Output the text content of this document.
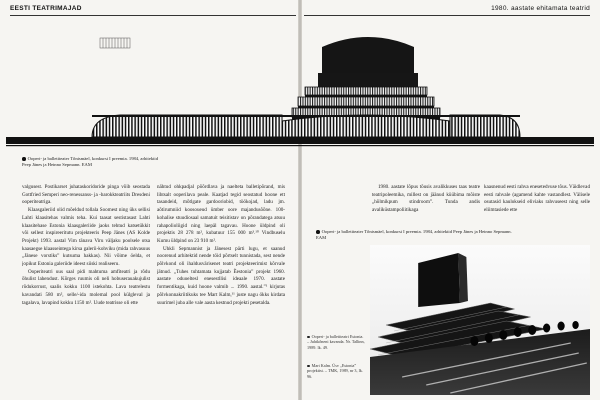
EESTI TEATRIMAJAD	1980. aastate ehitamata teatrid
Ooperi- ja balletiteater Tõnismäel, konkursi I preemia. 1984, arhitektid Peep Jänes ja Heinno Sepmann. EAM

valgusest. Postikarset juhataskoridoride pinga võib seostada Gottfried Semperi neo-renessanss- ja -barokkteatriits Dresdeni ooperiteatriga.

Klaasgaleriid olid mõeldud tollala Soomest ning üks sellisi Lahti klaasitehas valmis teha. Kui taasat sestistasast Lahti klaasitehase Estonia klaasgaleriide jaoks tehtud katsetükkit või sellest inspireeritutu projekteeris Peep Jänes (AS Kolde Projekt) 1993. aastal Virn tänava Viru väljaku poolsele otsa kaasaegse klaasseintega kirsa galerii-kohviku (mida rahvasuus „Jänese vorstiks” kutsuma hakkas). Nii võime öelda, et jopikut Estonia galeriide ideest siiski realiseeru.

Ooperiteatri uus saal pidi mahtuma amfiteatri ja rõdu õhulist lahendust. Kõrges ruumis oli neli hobuserauakujulist rõdukorrust, saalis kokku 1100 istekohta. Lava teatrelestu kavandati 580 m², selle/-ida molemal pool külgleval ja tagalava, lavapind kokku 1150 m². Uude teatrisse oli ette

nähtud ohkpadjal põõrdlava ja naelteta balletipõrand, mis lihtsalt ooperilava peale. Kaatjad tegid seostatud hoone ett tasandeid, mõtlgate gardooriobid, töökojad, ladu jm. aõtirumniid koosoueud ümber oore majandusõõne. 100-kohalise stuudiosaal samatuit teisitistav on põrandatega atsuu rahapolioliigid ning laepäl tagavau. Hoone üldpind oli projektis 28 278 m², kubatuur 155 000 m³.¹⁰ Vindbuselu Kumu üldpind on 23 910 m².

Uhkli Sepmannist ja Jänesest pärti lugu, et saanud noorenud arhitektid nende töid põrtselt tunnistada, sest nende põlvkond oli ihaldusvärisenet teatri projekteerimist kõrvale jätnud. „Tuhes tuhtamata kujjatab Ẽestonia” projekt 1960. aastate oduoeltesl enesestllisi ideaale 1970. aastate formentikaga, kuid hoone valmib ... 1990. aastal.”¹ kirjutas põlvkonnakriitikuks tee Mart Kalm,¹¹ juste nagu ökks kirdata suurimel juba alle vale aasta kestnud projekti pesetalda.

1980. aastate lõpus tõusis avalikkuses taas teatre teatripoleemika, millest on jäänud küübima mõiste „hõlmikpum stindroom”. Tunda andis avaliküstampoliitikaga

kaasnenud eesti rahva enesetedvuse tõus. Väidlevad eesti rahvale (agamend kahte vastandlest. Välisele osutasid kaulokseid eliviaks rahvuseest ning selle eliimtasiede ette

Ooperi- ja balletiteater Tõnismäel, konkursi I preemia. 1984, arhitektid Peep Jänes ja Heinno Sepmann. EAM
Ooperi- ja balletiteatri Estonia. – Juhtkõneni kavanda. Nr. Tallinn, 1989. lk. 49.
Mart Kalm. Üsv „Estonia” projektist. – TMK, 1989, nr 3, lk. 96.
